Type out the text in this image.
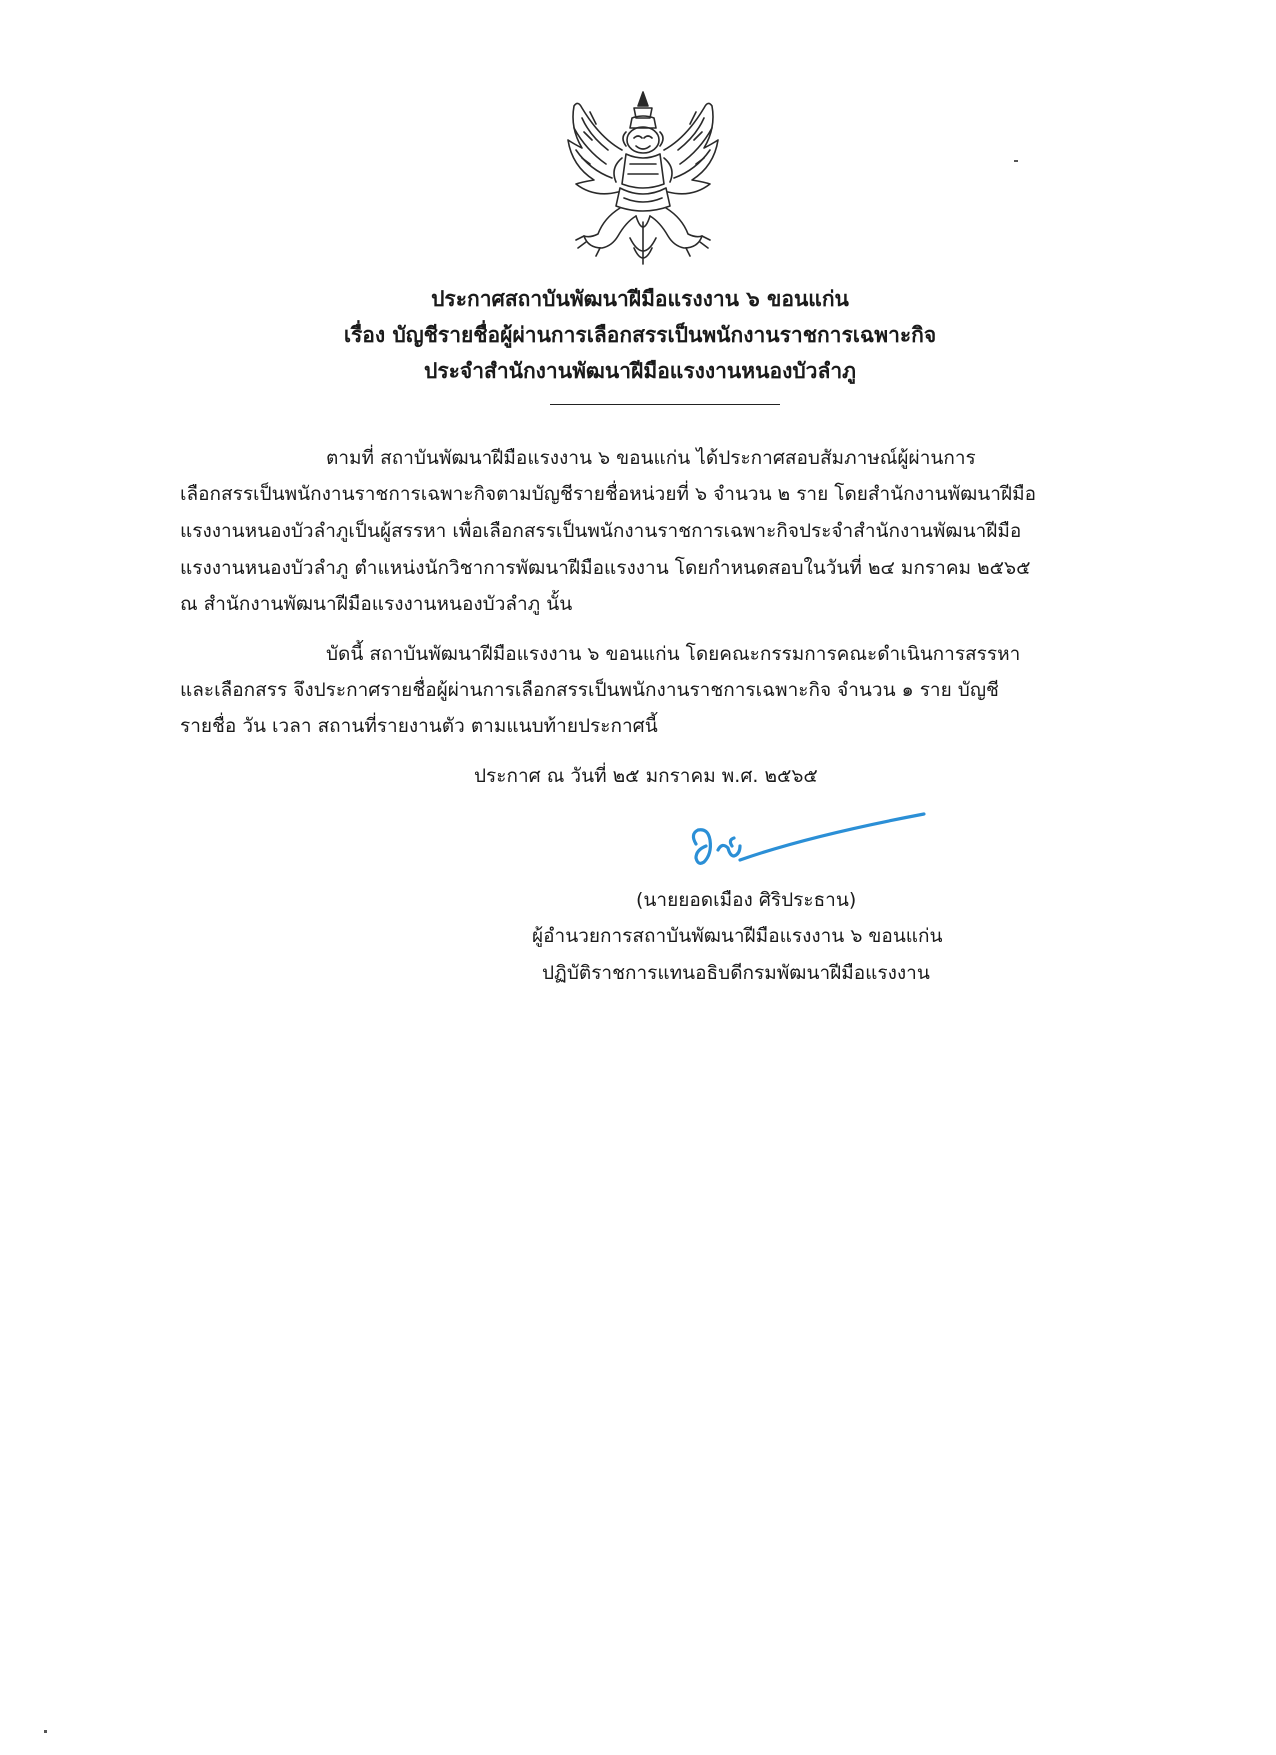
ประกาศสถาบันพัฒนาฝีมือแรงงาน ๖ ขอนแก่น
เรื่อง บัญชีรายชื่อผู้ผ่านการเลือกสรรเป็นพนักงานราชการเฉพาะกิจ
ประจำสำนักงานพัฒนาฝีมือแรงงานหนองบัวลำภู
ตามที่ สถาบันพัฒนาฝีมือแรงงาน ๖ ขอนแก่น ได้ประกาศสอบสัมภาษณ์ผู้ผ่านการ
เลือกสรรเป็นพนักงานราชการเฉพาะกิจตามบัญชีรายชื่อหน่วยที่ ๖ จำนวน ๒ ราย โดยสำนักงานพัฒนาฝีมือ
แรงงานหนองบัวลำภูเป็นผู้สรรหา เพื่อเลือกสรรเป็นพนักงานราชการเฉพาะกิจประจำสำนักงานพัฒนาฝีมือ
แรงงานหนองบัวลำภู ตำแหน่งนักวิชาการพัฒนาฝีมือแรงงาน โดยกำหนดสอบในวันที่ ๒๔ มกราคม ๒๕๖๕
ณ สำนักงานพัฒนาฝีมือแรงงานหนองบัวลำภู นั้น
บัดนี้ สถาบันพัฒนาฝีมือแรงงาน ๖ ขอนแก่น โดยคณะกรรมการคณะดำเนินการสรรหา
และเลือกสรร จึงประกาศรายชื่อผู้ผ่านการเลือกสรรเป็นพนักงานราชการเฉพาะกิจ จำนวน ๑ ราย บัญชี
รายชื่อ วัน เวลา สถานที่รายงานตัว ตามแนบท้ายประกาศนี้
ประกาศ ณ วันที่ ๒๕ มกราคม พ.ศ. ๒๕๖๕
(นายยอดเมือง ศิริประธาน)
ผู้อำนวยการสถาบันพัฒนาฝีมือแรงงาน ๖ ขอนแก่น
ปฏิบัติราชการแทนอธิบดีกรมพัฒนาฝีมือแรงงาน
